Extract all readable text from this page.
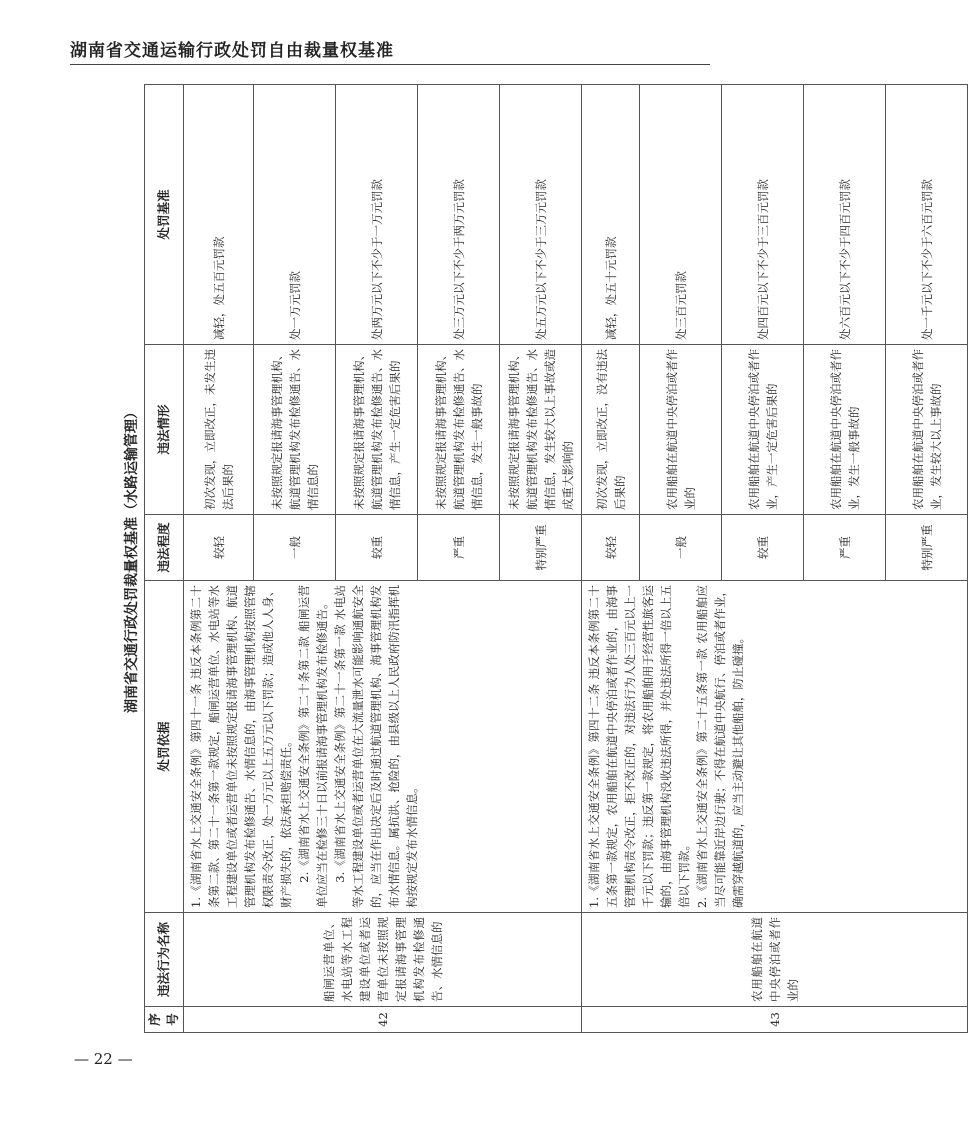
湖南省交通运输行政处罚自由裁量权基准
湖南省交通行政处罚裁量权基准（水路运输管理）
序号	违法行为名称	处罚依据	违法程度	违法情形	处罚基准
42	船闸运营单位、水电站等水工程建设单位或者运营单位未按照规定报请海事管理机构发布检修通告、水情信息的	1.《湖南省水上交通安全条例》第四十一条 违反本条例第二十条第二款、第二十一条第一款规定，船闸运营单位、水电站等水工程建设单位或者运营单位未按照规定报请海事管理机构、航道管理机构发布检修通告、水情信息的，由海事管理机构按照管辖权限责令改正，处一万元以上五万元以下罚款；造成他人人身、财产损失的，依法承担赔偿责任。 2.《湖南省水上交通安全条例》第二十条第二款 船闸运营单位应当在检修三十日以前报请海事管理机构发布检修通告。 3.《湖南省水上交通安全条例》第二十一条第一款 水电站等水工程建设单位或者运营单位在大流量泄水可能影响通航安全的，应当在作出决定后及时通过航道管理机构、海事管理机构发布水情信息。属抗洪、抢险的，由县级以上人民政府防汛指挥机构按规定发布水情信息。	较轻	初次发现，立即改正，未发生违法后果的	减轻，处五百元罚款
			一般	未按照规定报请海事管理机构、航道管理机构发布检修通告、水情信息的	处一万元罚款
			较重	未按照规定报请海事管理机构、航道管理机构发布检修通告、水情信息，产生一定危害后果的	处两万元以下不少于一万元罚款
			严重	未按照规定报请海事管理机构、航道管理机构发布检修通告、水情信息，发生一般事故的	处三万元以下不少于两万元罚款
			特别严重	未按照规定报请海事管理机构、航道管理机构发布检修通告、水情信息，发生较大以上事故或造成重大影响的	处五万元以下不少于三万元罚款
43	农用船舶在航道中央停泊或者作业的	1.《湖南省水上交通安全条例》第四十二条 违反本条例第二十五条第一款规定，农用船舶在航道中央停泊或者作业的，由海事管理机构责令改正，拒不改正的，对违法行为人处三百元以上一千元以下罚款；违反第一款规定，将农用船舶用于经营性旅客运输的，由海事管理机构没收违法所得，并处违法所得一倍以上五倍以下罚款。 2.《湖南省水上交通安全条例》第二十五条第一款 农用船舶应当尽可能靠近岸边行驶；不得在航道中央航行、停泊或者作业，确需穿越航道的，应当主动避让其他船舶，防止碰撞。	较轻	初次发现，立即改正，没有违法后果的	减轻，处五十元罚款
			一般	农用船舶在航道中央停泊或者作业的	处三百元罚款
			较重	农用船舶在航道中央停泊或者作业，产生一定危害后果的	处四百元以下不少于三百元罚款
			严重	农用船舶在航道中央停泊或者作业，发生一般事故的	处六百元以下不少于四百元罚款
			特别严重	农用船舶在航道中央停泊或者作业，发生较大以上事故的	处一千元以下不少于六百元罚款
— 22 —
